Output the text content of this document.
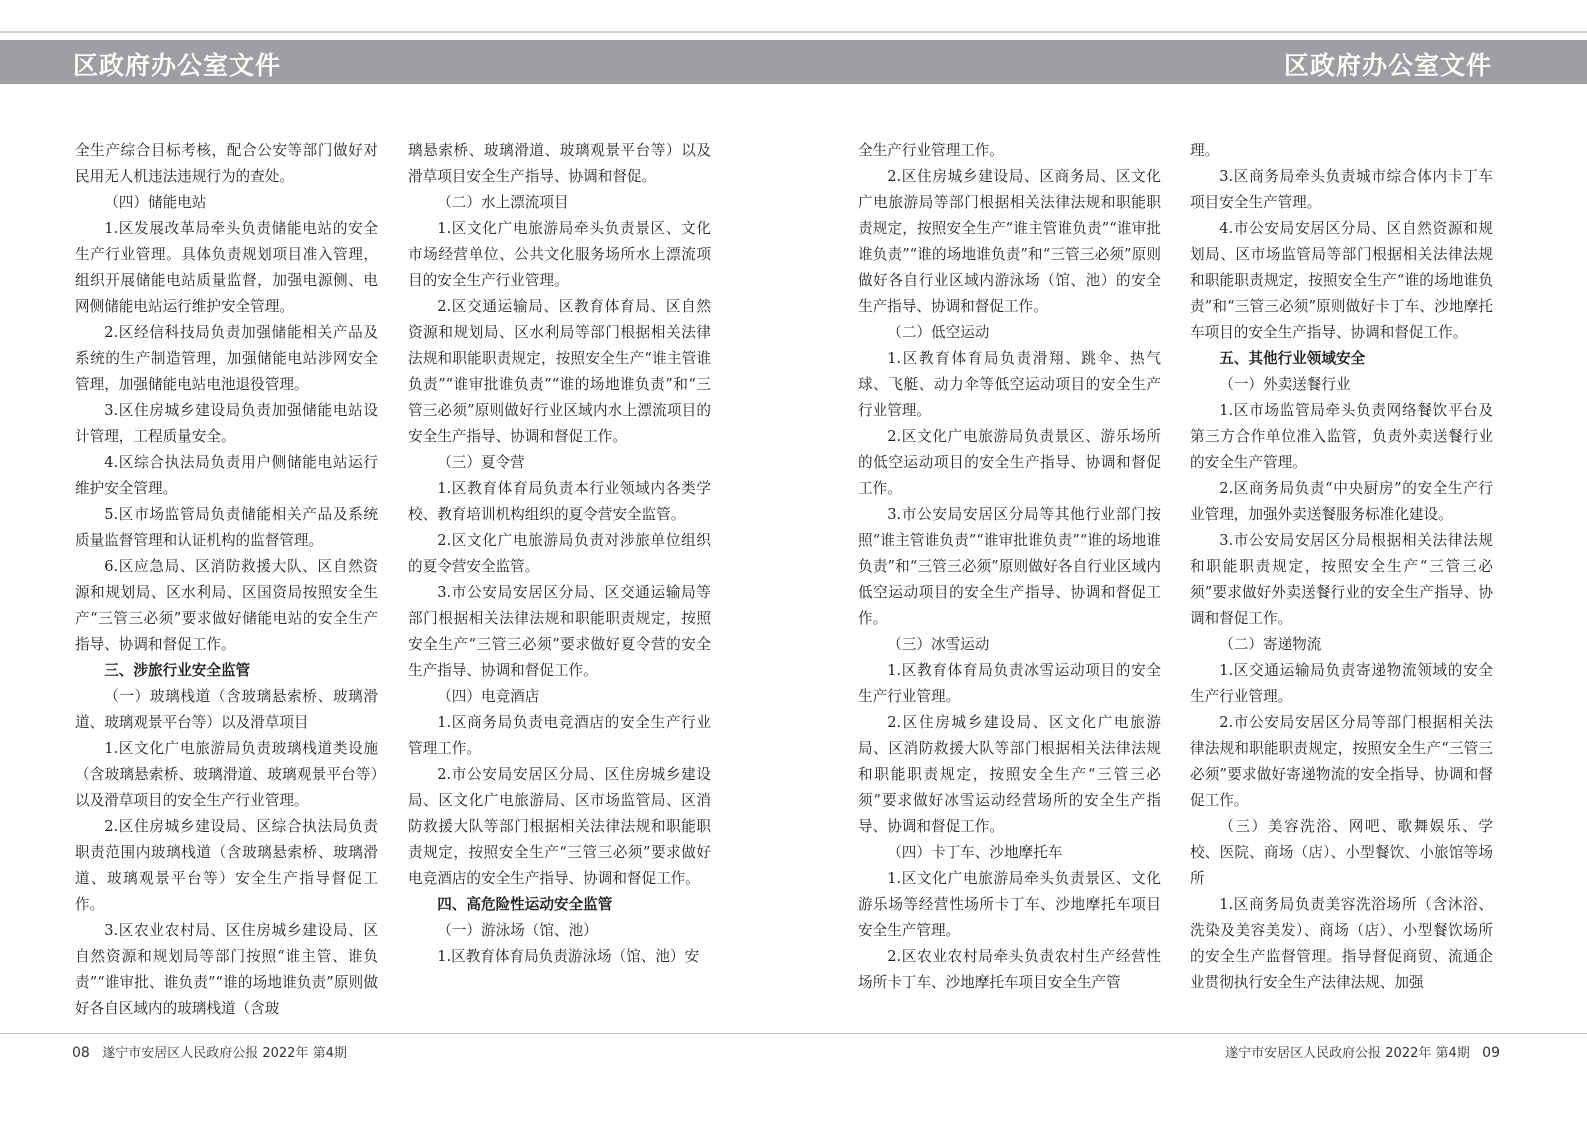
区政府办公室文件	区政府办公室文件

全生产综合目标考核，配合公安等部门做好对民用无人机违法违规行为的查处。

（四）储能电站

1.区发展改革局牵头负责储能电站的安全生产行业管理。具体负责规划项目准入管理，组织开展储能电站质量监督，加强电源侧、电网侧储能电站运行维护安全管理。

2.区经信科技局负责加强储能相关产品及系统的生产制造管理，加强储能电站涉网安全管理，加强储能电站电池退役管理。

3.区住房城乡建设局负责加强储能电站设计管理，工程质量安全。

4.区综合执法局负责用户侧储能电站运行维护安全管理。

5.区市场监管局负责储能相关产品及系统质量监督管理和认证机构的监督管理。

6.区应急局、区消防救援大队、区自然资源和规划局、区水利局、区国资局按照安全生产“三管三必须”要求做好储能电站的安全生产指导、协调和督促工作。

三、涉旅行业安全监管

（一）玻璃栈道（含玻璃悬索桥、玻璃滑道、玻璃观景平台等）以及滑草项目

1.区文化广电旅游局负责玻璃栈道类设施（含玻璃悬索桥、玻璃滑道、玻璃观景平台等）以及滑草项目的安全生产行业管理。

2.区住房城乡建设局、区综合执法局负责职责范围内玻璃栈道（含玻璃悬索桥、玻璃滑道、玻璃观景平台等）安全生产指导督促工作。

3.区农业农村局、区住房城乡建设局、区自然资源和规划局等部门按照“谁主管、谁负责”“谁审批、谁负责”“谁的场地谁负责”原则做好各自区域内的玻璃栈道（含玻

璃悬索桥、玻璃滑道、玻璃观景平台等）以及滑草项目安全生产指导、协调和督促。

（二）水上漂流项目

1.区文化广电旅游局牵头负责景区、文化市场经营单位、公共文化服务场所水上漂流项目的安全生产行业管理。

2.区交通运输局、区教育体育局、区自然资源和规划局、区水利局等部门根据相关法律法规和职能职责规定，按照安全生产“谁主管谁负责”“谁审批谁负责”“谁的场地谁负责”和“三管三必须”原则做好行业区域内水上漂流项目的安全生产指导、协调和督促工作。

（三）夏令营

1.区教育体育局负责本行业领域内各类学校、教育培训机构组织的夏令营安全监管。

2.区文化广电旅游局负责对涉旅单位组织的夏令营安全监管。

3.市公安局安居区分局、区交通运输局等部门根据相关法律法规和职能职责规定，按照安全生产“三管三必须”要求做好夏令营的安全生产指导、协调和督促工作。

（四）电竞酒店

1.区商务局负责电竞酒店的安全生产行业管理工作。

2.市公安局安居区分局、区住房城乡建设局、区文化广电旅游局、区市场监管局、区消防救援大队等部门根据相关法律法规和职能职责规定，按照安全生产“三管三必须”要求做好电竞酒店的安全生产指导、协调和督促工作。

四、高危险性运动安全监管

（一）游泳场（馆、池）

1.区教育体育局负责游泳场（馆、池）安

全生产行业管理工作。

2.区住房城乡建设局、区商务局、区文化广电旅游局等部门根据相关法律法规和职能职责规定，按照安全生产“谁主管谁负责”“谁审批谁负责”“谁的场地谁负责”和“三管三必须”原则做好各自行业区域内游泳场（馆、池）的安全生产指导、协调和督促工作。

（二）低空运动

1.区教育体育局负责滑翔、跳伞、热气球、飞艇、动力伞等低空运动项目的安全生产行业管理。

2.区文化广电旅游局负责景区、游乐场所的低空运动项目的安全生产指导、协调和督促工作。

3.市公安局安居区分局等其他行业部门按照“谁主管谁负责”“谁审批谁负责”“谁的场地谁负责”和“三管三必须”原则做好各自行业区域内低空运动项目的安全生产指导、协调和督促工作。

（三）冰雪运动

1.区教育体育局负责冰雪运动项目的安全生产行业管理。

2.区住房城乡建设局、区文化广电旅游局、区消防救援大队等部门根据相关法律法规和职能职责规定，按照安全生产“三管三必须”要求做好冰雪运动经营场所的安全生产指导、协调和督促工作。

（四）卡丁车、沙地摩托车

1.区文化广电旅游局牵头负责景区、文化游乐场等经营性场所卡丁车、沙地摩托车项目安全生产管理。

2.区农业农村局牵头负责农村生产经营性场所卡丁车、沙地摩托车项目安全生产管

理。

3.区商务局牵头负责城市综合体内卡丁车项目安全生产管理。

4.市公安局安居区分局、区自然资源和规划局、区市场监管局等部门根据相关法律法规和职能职责规定，按照安全生产“谁的场地谁负责”和“三管三必须”原则做好卡丁车、沙地摩托车项目的安全生产指导、协调和督促工作。

五、其他行业领域安全

（一）外卖送餐行业

1.区市场监管局牵头负责网络餐饮平台及第三方合作单位准入监管，负责外卖送餐行业的安全生产管理。

2.区商务局负责“中央厨房”的安全生产行业管理，加强外卖送餐服务标准化建设。

3.市公安局安居区分局根据相关法律法规和职能职责规定，按照安全生产“三管三必须”要求做好外卖送餐行业的安全生产指导、协调和督促工作。

（二）寄递物流

1.区交通运输局负责寄递物流领域的安全生产行业管理。

2.市公安局安居区分局等部门根据相关法律法规和职能职责规定，按照安全生产“三管三必须”要求做好寄递物流的安全指导、协调和督促工作。

（三）美容洗浴、网吧、歌舞娱乐、学校、医院、商场（店）、小型餐饮、小旅馆等场所

1.区商务局负责美容洗浴场所（含沐浴、洗染及美容美发）、商场（店）、小型餐饮场所的安全生产监督管理。指导督促商贸、流通企业贯彻执行安全生产法律法规、加强

08 遂宁市安居区人民政府公报 2022年 第4期	遂宁市安居区人民政府公报 2022年 第4期 09
